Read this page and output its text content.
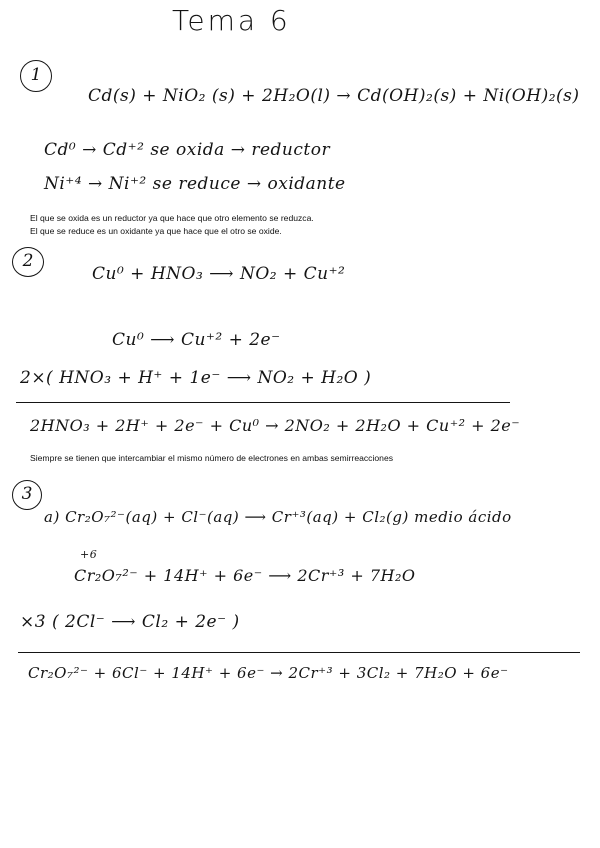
Tema 6
1
Cd(s) + NiO₂ (s) + 2H₂O(l) → Cd(OH)₂(s) + Ni(OH)₂(s)
Cd⁰ → Cd⁺² se oxida → reductor
Ni⁺⁴ → Ni⁺² se reduce → oxidante
El que se oxida es un reductor ya que hace que otro elemento se reduzca.
El que se reduce es un oxidante ya que hace que el otro se oxide.
2
Cu⁰ + HNO₃ ⟶ NO₂ + Cu⁺²
Cu⁰ ⟶ Cu⁺² + 2e⁻
2×( HNO₃ + H⁺ + 1e⁻ ⟶ NO₂ + H₂O )
2HNO₃ + 2H⁺ + 2e⁻ + Cu⁰ → 2NO₂ + 2H₂O + Cu⁺² + 2e⁻
Siempre se tienen que intercambiar el mismo número de electrones en ambas semirreacciones
3
a) Cr₂O₇²⁻(aq) + Cl⁻(aq) ⟶ Cr⁺³(aq) + Cl₂(g) medio ácido
+6
Cr₂O₇²⁻ + 14H⁺ + 6e⁻ ⟶ 2Cr⁺³ + 7H₂O
×3 ( 2Cl⁻ ⟶ Cl₂ + 2e⁻ )
Cr₂O₇²⁻ + 6Cl⁻ + 14H⁺ + 6e⁻ → 2Cr⁺³ + 3Cl₂ + 7H₂O + 6e⁻
